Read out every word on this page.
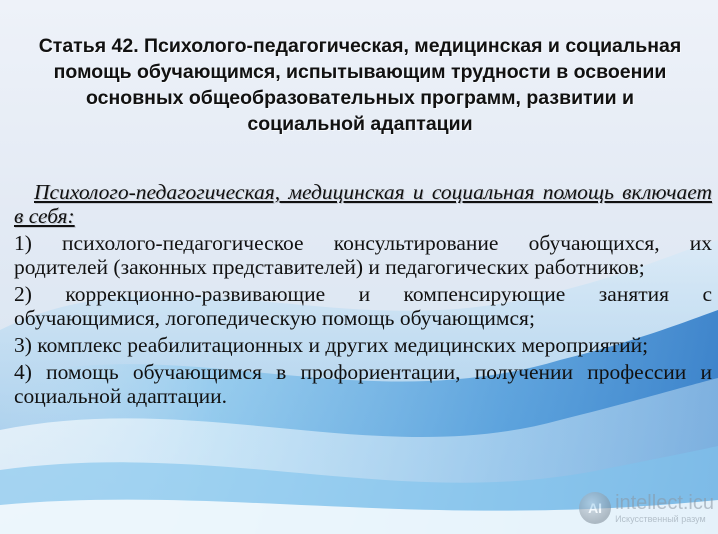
Статья 42. Психолого-педагогическая, медицинская и социальная помощь обучающимся, испытывающим трудности в освоении основных общеобразовательных программ, развитии и социальной адаптации

Психолого-педагогическая, медицинская и социальная помощь включает в себя:

1) психолого-педагогическое консультирование обучающихся, их родителей (законных представителей) и педагогических работников;

2) коррекционно-развивающие и компенсирующие занятия с обучающимися, логопедическую помощь обучающимся;

3) комплекс реабилитационных и других медицинских мероприятий;

4) помощь обучающимся в профориентации, получении профессии и социальной адаптации.

AI intellect.icu
Искусственный разум
